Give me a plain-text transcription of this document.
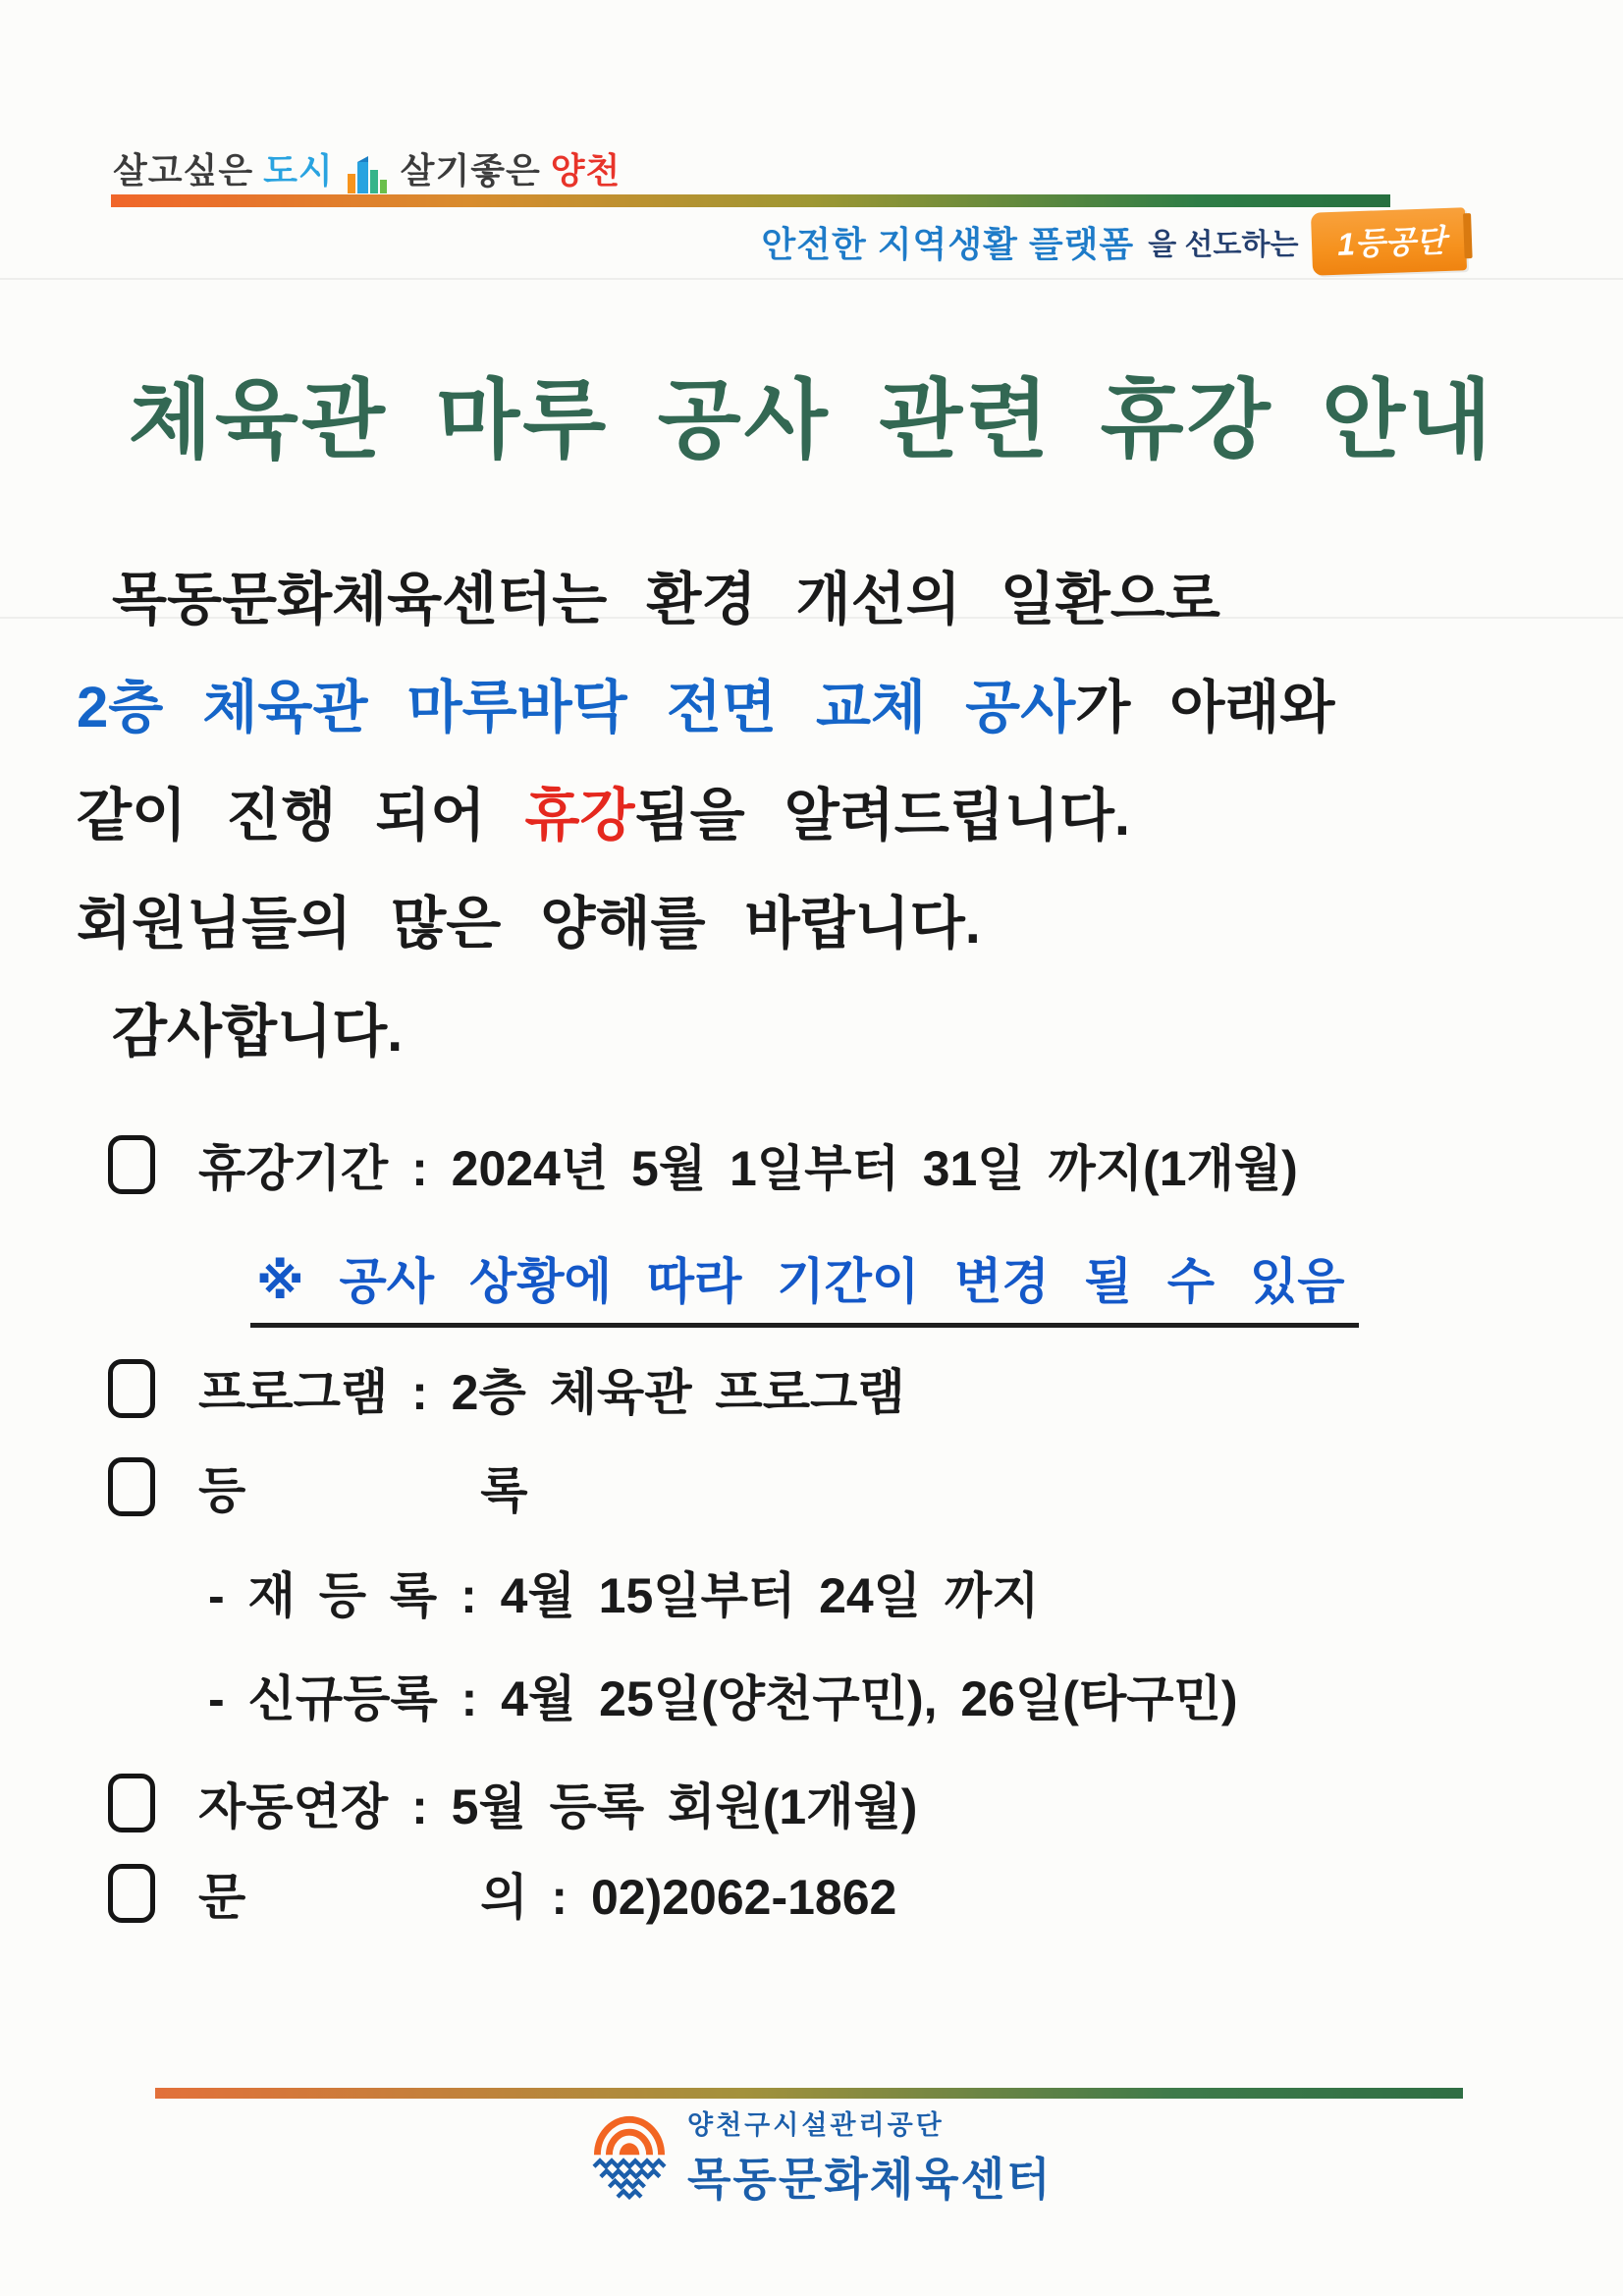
살고싶은 도시 살기좋은 양천
안전한 지역생활 플랫폼 을 선도하는	1등공단
체육관 마루 공사 관련 휴강 안내

목동문화체육센터는 환경 개선의 일환으로

2층 체육관 마루바닥 전면 교체 공사가 아래와

같이 진행 되어 휴강됨을 알려드립니다.

회원님들의 많은 양해를 바랍니다.

감사합니다.

휴강기간 : 2024년 5월 1일부터 31일 까지(1개월)
※ 공사 상황에 따라 기간이 변경 될 수 있음
프로그램 : 2층 체육관 프로그램
등          록
- 재 등 록 : 4월 15일부터 24일 까지
- 신규등록 : 4월 25일(양천구민), 26일(타구민)
자동연장 : 5월 등록 회원(1개월)
문          의 : 02)2062-1862
양천구시설관리공단
목동문화체육센터
